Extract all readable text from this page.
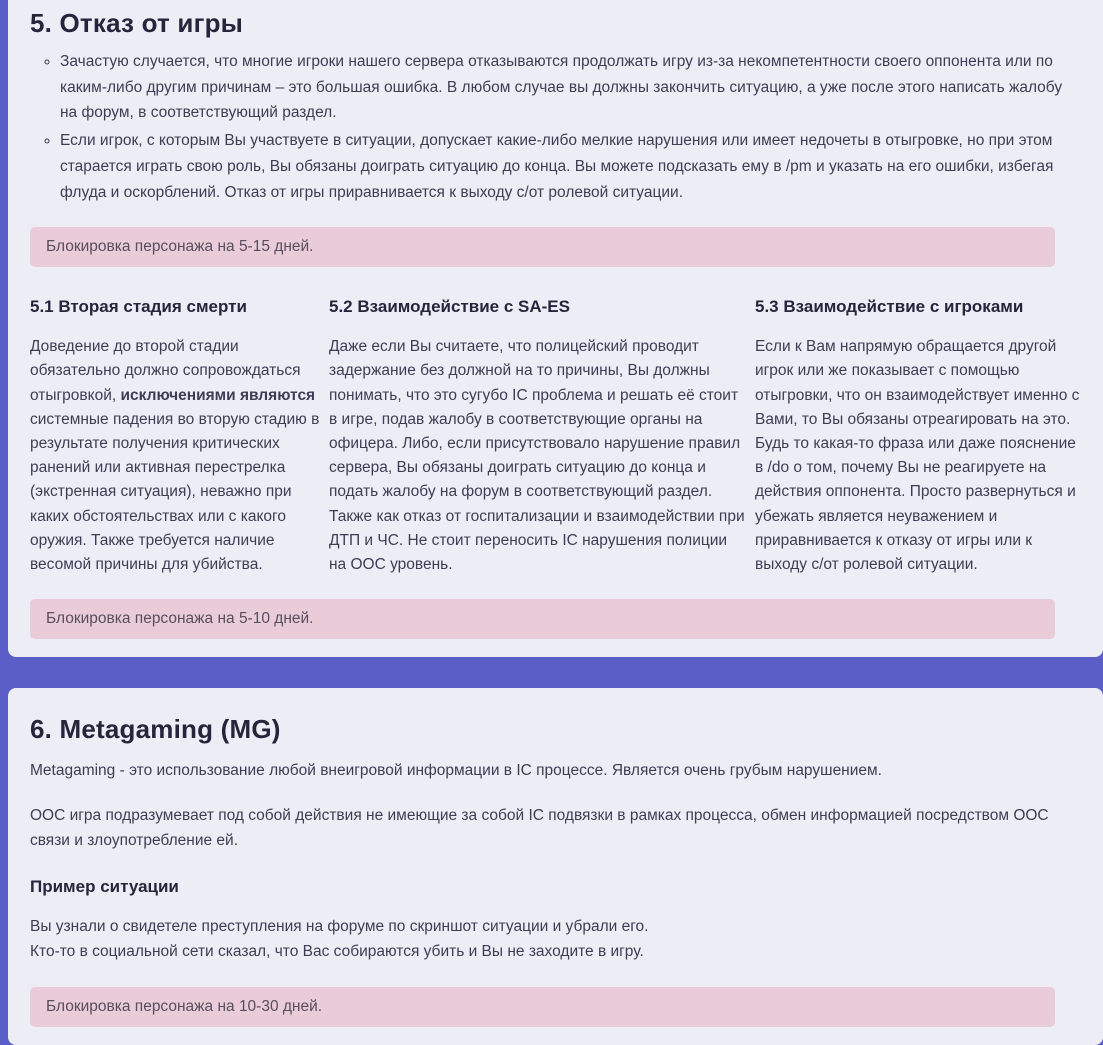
5. Отказ от игры
◦ Зачастую случается, что многие игроки нашего сервера отказываются продолжать игру из-за некомпетентности своего оппонента или по каким-либо другим причинам – это большая ошибка. В любом случае вы должны закончить ситуацию, а уже после этого написать жалобу на форум, в соответствующий раздел.
◦ Если игрок, с которым Вы участвуете в ситуации, допускает какие-либо мелкие нарушения или имеет недочеты в отыгровке, но при этом старается играть свою роль, Вы обязаны доиграть ситуацию до конца. Вы можете подсказать ему в /pm и указать на его ошибки, избегая флуда и оскорблений. Отказ от игры приравнивается к выходу с/от ролевой ситуации.
Блокировка персонажа на 5-15 дней.
5.1 Вторая стадия смерти

Доведение до второй стадии обязательно должно сопровождаться отыгровкой, исключениями являются системные падения во вторую стадию в результате получения критических ранений или активная перестрелка (экстренная ситуация), неважно при каких обстоятельствах или с какого оружия. Также требуется наличие весомой причины для убийства.

5.2 Взаимодействие с SA-ES

Даже если Вы считаете, что полицейский проводит задержание без должной на то причины, Вы должны понимать, что это сугубо IC проблема и решать её стоит в игре, подав жалобу в соответствующие органы на офицера. Либо, если присутствовало нарушение правил сервера, Вы обязаны доиграть ситуацию до конца и подать жалобу на форум в соответствующий раздел. Также как отказ от госпитализации и взаимодействии при ДТП и ЧС. Не стоит переносить IC нарушения полиции на OOC уровень.

5.3 Взаимодействие с игроками

Если к Вам напрямую обращается другой игрок или же показывает с помощью отыгровки, что он взаимодействует именно с Вами, то Вы обязаны отреагировать на это. Будь то какая-то фраза или даже пояснение в /do о том, почему Вы не реагируете на действия оппонента. Просто развернуться и убежать является неуважением и приравнивается к отказу от игры или к выходу с/от ролевой ситуации.

Блокировка персонажа на 5-10 дней.
6. Metagaming (MG)

Metagaming - это использование любой внеигровой информации в IC процессе. Является очень грубым нарушением.

OOC игра подразумевает под собой действия не имеющие за собой IC подвязки в рамках процесса, обмен информацией посредством OOC связи и злоупотребление ей.

Пример ситуации
Вы узнали о свидетеле преступления на форуме по скриншот ситуации и убрали его.
Кто-то в социальной сети сказал, что Вас собираются убить и Вы не заходите в игру.
Блокировка персонажа на 10-30 дней.
